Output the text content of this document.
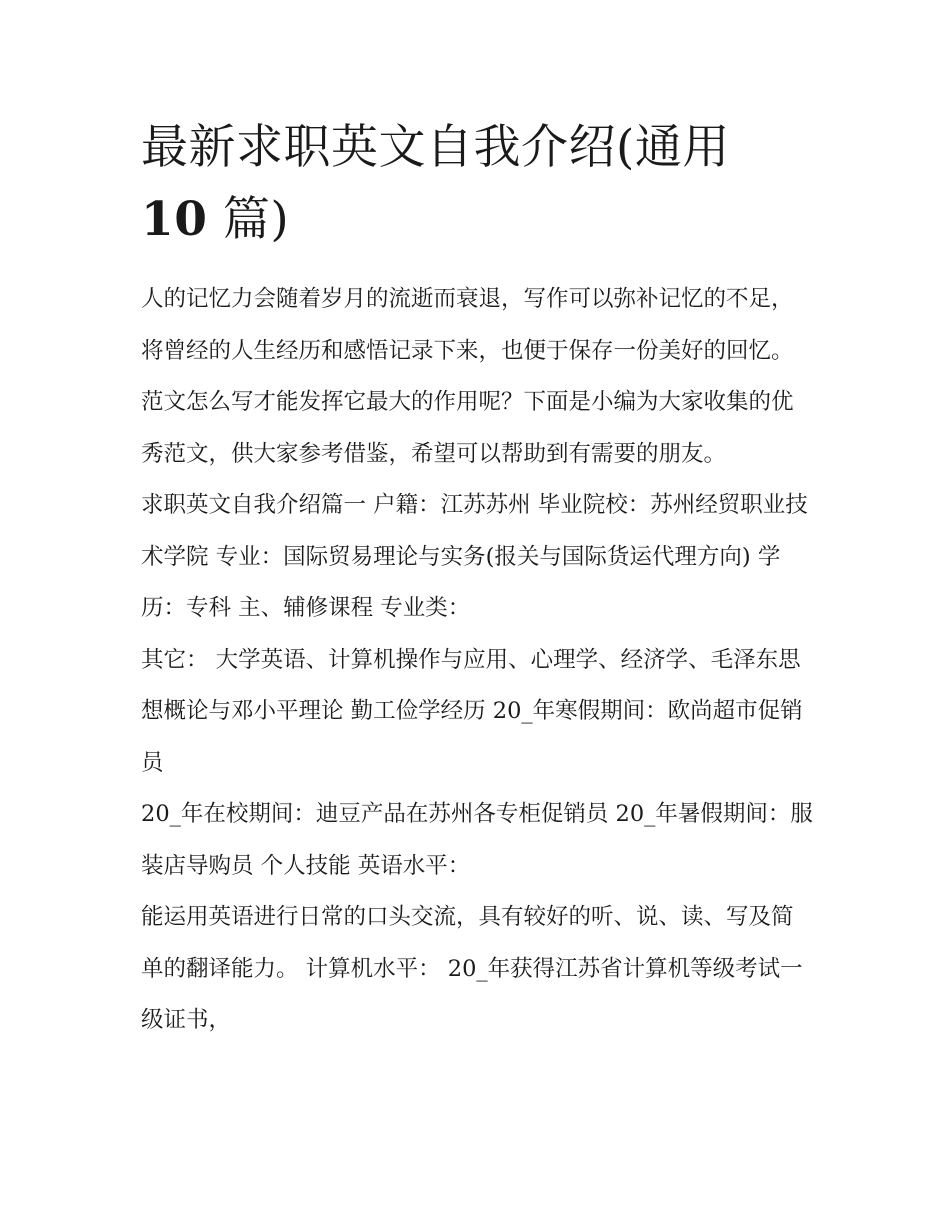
最新求职英文自我介绍(通用
10 篇)

人的记忆力会随着岁月的流逝而衰退，写作可以弥补记忆的不足，将曾经的人生经历和感悟记录下来，也便于保存一份美好的回忆。范文怎么写才能发挥它最大的作用呢？下面是小编为大家收集的优秀范文，供大家参考借鉴，希望可以帮助到有需要的朋友。

求职英文自我介绍篇一 户籍：江苏苏州 毕业院校：苏州经贸职业技术学院 专业：国际贸易理论与实务(报关与国际货运代理方向) 学历：专科 主、辅修课程 专业类：

其它： 大学英语、计算机操作与应用、心理学、经济学、毛泽东思想概论与邓小平理论 勤工俭学经历 20_年寒假期间：欧尚超市促销员

20_年在校期间：迪豆产品在苏州各专柜促销员 20_年暑假期间：服装店导购员 个人技能 英语水平：

能运用英语进行日常的口头交流，具有较好的听、说、读、写及简单的翻译能力。 计算机水平： 20_年获得江苏省计算机等级考试一级证书，
